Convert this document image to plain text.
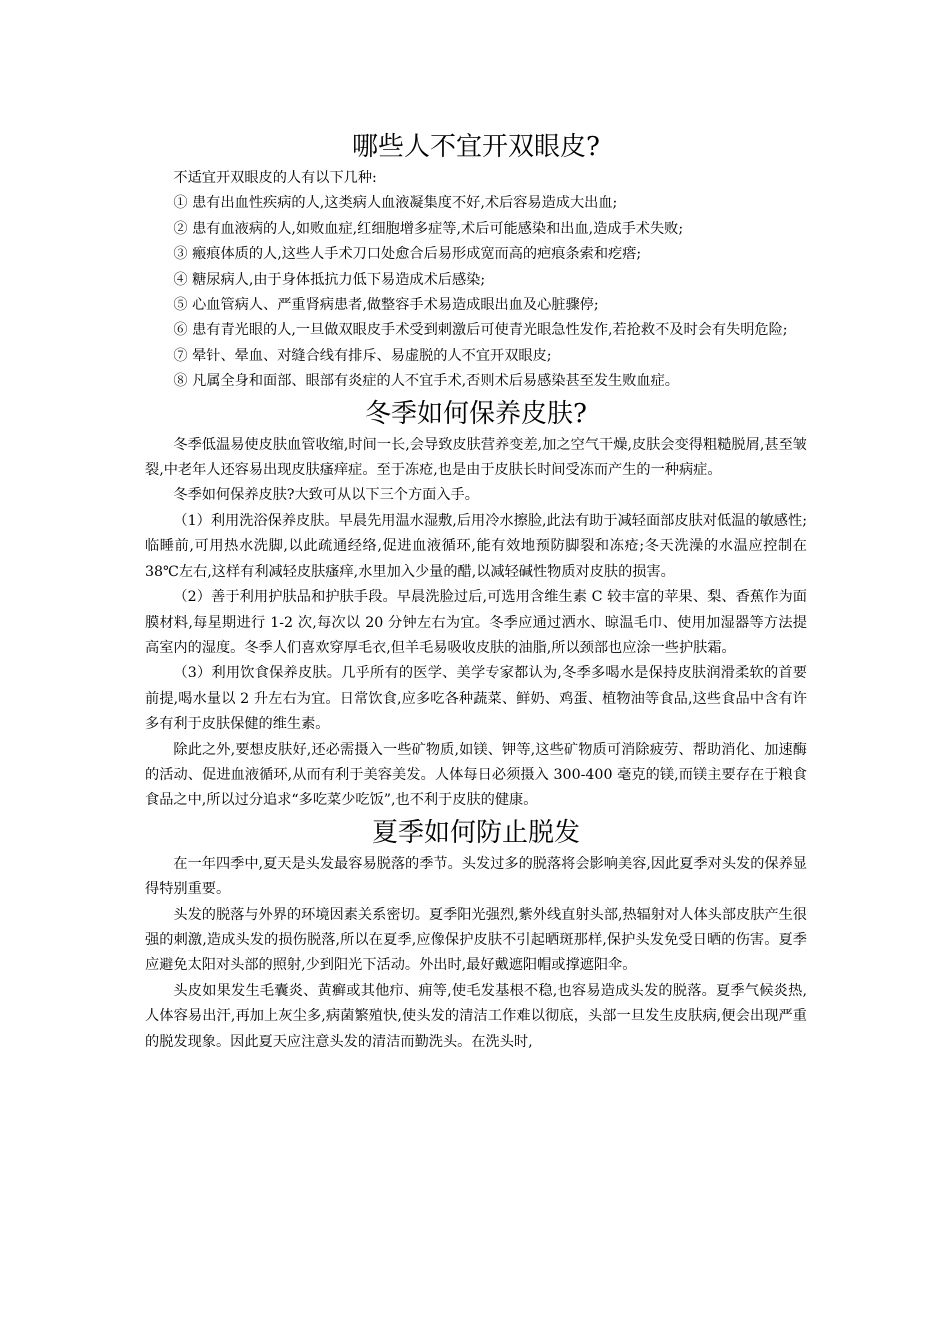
哪些人不宜开双眼皮?

不适宜开双眼皮的人有以下几种:

① 患有出血性疾病的人,这类病人血液凝集度不好,术后容易造成大出血;

② 患有血液病的人,如败血症,红细胞增多症等,术后可能感染和出血,造成手术失败;

③ 瘢痕体质的人,这些人手术刀口处愈合后易形成宽而高的疤痕条索和疙瘩;

④ 糖尿病人,由于身体抵抗力低下易造成术后感染;

⑤ 心血管病人、严重肾病患者,做整容手术易造成眼出血及心脏骤停;

⑥ 患有青光眼的人,一旦做双眼皮手术受到刺激后可使青光眼急性发作,若抢救不及时会有失明危险;

⑦ 晕针、晕血、对缝合线有排斥、易虚脱的人不宜开双眼皮;

⑧ 凡属全身和面部、眼部有炎症的人不宜手术,否则术后易感染甚至发生败血症。

冬季如何保养皮肤?

冬季低温易使皮肤血管收缩,时间一长,会导致皮肤营养变差,加之空气干燥,皮肤会变得粗糙脱屑,甚至皱裂,中老年人还容易出现皮肤瘙痒症。至于冻疮,也是由于皮肤长时间受冻而产生的一种病症。

冬季如何保养皮肤?大致可从以下三个方面入手。

（1）利用洗浴保养皮肤。早晨先用温水湿敷,后用冷水擦脸,此法有助于减轻面部皮肤对低温的敏感性;临睡前,可用热水洗脚,以此疏通经络,促进血液循环,能有效地预防脚裂和冻疮;冬天洗澡的水温应控制在 38℃左右,这样有利减轻皮肤瘙痒,水里加入少量的醋,以减轻碱性物质对皮肤的损害。

（2）善于利用护肤品和护肤手段。早晨洗脸过后,可选用含维生素 C 较丰富的苹果、梨、香蕉作为面膜材料,每星期进行 1-2 次,每次以 20 分钟左右为宜。冬季应通过洒水、晾温毛巾、使用加湿器等方法提高室内的湿度。冬季人们喜欢穿厚毛衣,但羊毛易吸收皮肤的油脂,所以颈部也应涂一些护肤霜。

（3）利用饮食保养皮肤。几乎所有的医学、美学专家都认为,冬季多喝水是保持皮肤润滑柔软的首要前提,喝水量以 2 升左右为宜。日常饮食,应多吃各种蔬菜、鲜奶、鸡蛋、植物油等食品,这些食品中含有许多有利于皮肤保健的维生素。

除此之外,要想皮肤好,还必需摄入一些矿物质,如镁、钾等,这些矿物质可消除疲劳、帮助消化、加速酶的活动、促进血液循环,从而有利于美容美发。人体每日必须摄入 300-400 毫克的镁,而镁主要存在于粮食食品之中,所以过分追求“多吃菜少吃饭”,也不利于皮肤的健康。

夏季如何防止脱发

在一年四季中,夏天是头发最容易脱落的季节。头发过多的脱落将会影响美容,因此夏季对头发的保养显得特别重要。

头发的脱落与外界的环境因素关系密切。夏季阳光强烈,紫外线直射头部,热辐射对人体头部皮肤产生很强的刺激,造成头发的损伤脱落,所以在夏季,应像保护皮肤不引起晒斑那样,保护头发免受日晒的伤害。夏季应避免太阳对头部的照射,少到阳光下活动。外出时,最好戴遮阳帽或撑遮阳伞。

头皮如果发生毛囊炎、黄癣或其他疖、痈等,使毛发基根不稳,也容易造成头发的脱落。夏季气候炎热,人体容易出汗,再加上灰尘多,病菌繁殖快,使头发的清洁工作难以彻底，头部一旦发生皮肤病,便会出现严重的脱发现象。因此夏天应注意头发的清洁而勤洗头。在洗头时,
